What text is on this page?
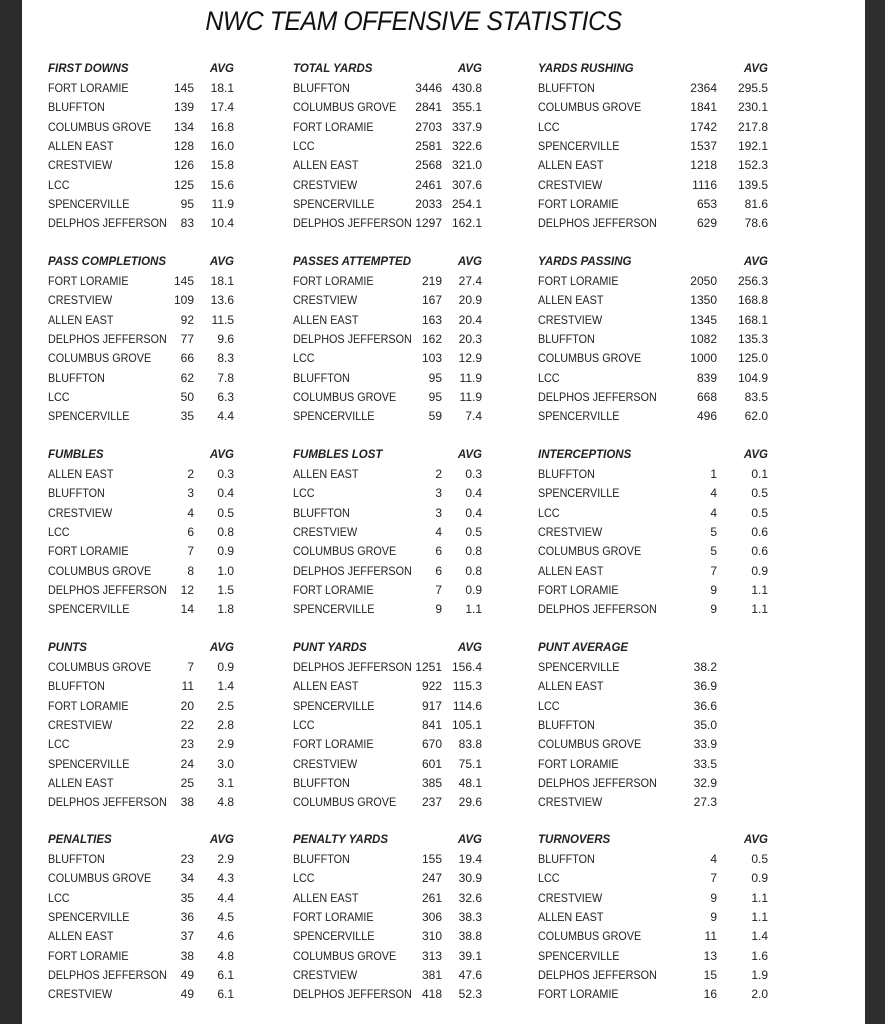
NWC TEAM OFFENSIVE STATISTICS
FIRST DOWNS	AVG
FORT LORAMIE	145	18.1
BLUFFTON	139	17.4
COLUMBUS GROVE	134	16.8
ALLEN EAST	128	16.0
CRESTVIEW	126	15.8
LCC	125	15.6
SPENCERVILLE	95	11.9
DELPHOS JEFFERSON	83	10.4
TOTAL YARDS	AVG
BLUFFTON	3446 430.8
COLUMBUS GROVE	2841 355.1
FORT LORAMIE	2703 337.9
LCC	2581 322.6
ALLEN EAST	2568 321.0
CRESTVIEW	2461 307.6
SPENCERVILLE	2033 254.1
DELPHOS JEFFERSON 1297 162.1
YARDS RUSHING	AVG
BLUFFTON	2364	295.5
COLUMBUS GROVE	1841	230.1
LCC	1742	217.8
SPENCERVILLE	1537	192.1
ALLEN EAST	1218	152.3
CRESTVIEW	1116	139.5
FORT LORAMIE	653	81.6
DELPHOS JEFFERSON	629	78.6
PASS COMPLETIONS	AVG
FORT LORAMIE	145	18.1
CRESTVIEW	109	13.6
ALLEN EAST	92	11.5
DELPHOS JEFFERSON	77	9.6
COLUMBUS GROVE	66	8.3
BLUFFTON	62	7.8
LCC	50	6.3
SPENCERVILLE	35	4.4
PASSES ATTEMPTED	AVG
FORT LORAMIE	219	27.4
CRESTVIEW	167	20.9
ALLEN EAST	163	20.4
DELPHOS JEFFERSON 162	20.3
LCC	103	12.9
BLUFFTON	95	11.9
COLUMBUS GROVE	95	11.9
SPENCERVILLE	59	7.4
YARDS PASSING	AVG
FORT LORAMIE	2050	256.3
ALLEN EAST	1350	168.8
CRESTVIEW	1345	168.1
BLUFFTON	1082	135.3
COLUMBUS GROVE	1000	125.0
LCC	839	104.9
DELPHOS JEFFERSON	668	83.5
SPENCERVILLE	496	62.0
FUMBLES	AVG
ALLEN EAST	2	0.3
BLUFFTON	3	0.4
CRESTVIEW	4	0.5
LCC	6	0.8
FORT LORAMIE	7	0.9
COLUMBUS GROVE	8	1.0
DELPHOS JEFFERSON	12	1.5
SPENCERVILLE	14	1.8
FUMBLES LOST	AVG
ALLEN EAST	2	0.3
LCC	3	0.4
BLUFFTON	3	0.4
CRESTVIEW	4	0.5
COLUMBUS GROVE	6	0.8
DELPHOS JEFFERSON	6	0.8
FORT LORAMIE	7	0.9
SPENCERVILLE	9	1.1
INTERCEPTIONS	AVG
BLUFFTON	1	0.1
SPENCERVILLE	4	0.5
LCC	4	0.5
CRESTVIEW	5	0.6
COLUMBUS GROVE	5	0.6
ALLEN EAST	7	0.9
FORT LORAMIE	9	1.1
DELPHOS JEFFERSON	9	1.1
PUNTS	AVG
COLUMBUS GROVE	7	0.9
BLUFFTON	11	1.4
FORT LORAMIE	20	2.5
CRESTVIEW	22	2.8
LCC	23	2.9
SPENCERVILLE	24	3.0
ALLEN EAST	25	3.1
DELPHOS JEFFERSON	38	4.8
PUNT YARDS	AVG
DELPHOS JEFFERSON 1251 156.4
ALLEN EAST	922 115.3
SPENCERVILLE	917 114.6
LCC	841 105.1
FORT LORAMIE	670	83.8
CRESTVIEW	601	75.1
BLUFFTON	385	48.1
COLUMBUS GROVE	237	29.6
PUNT AVERAGE
SPENCERVILLE	38.2
ALLEN EAST	36.9
LCC	36.6
BLUFFTON	35.0
COLUMBUS GROVE	33.9
FORT LORAMIE	33.5
DELPHOS JEFFERSON	32.9
CRESTVIEW	27.3
PENALTIES	AVG
BLUFFTON	23	2.9
COLUMBUS GROVE	34	4.3
LCC	35	4.4
SPENCERVILLE	36	4.5
ALLEN EAST	37	4.6
FORT LORAMIE	38	4.8
DELPHOS JEFFERSON	49	6.1
CRESTVIEW	49	6.1
PENALTY YARDS	AVG
BLUFFTON	155	19.4
LCC	247	30.9
ALLEN EAST	261	32.6
FORT LORAMIE	306	38.3
SPENCERVILLE	310	38.8
COLUMBUS GROVE	313	39.1
CRESTVIEW	381	47.6
DELPHOS JEFFERSON 418	52.3
TURNOVERS	AVG
BLUFFTON	4	0.5
LCC	7	0.9
CRESTVIEW	9	1.1
ALLEN EAST	9	1.1
COLUMBUS GROVE	11	1.4
SPENCERVILLE	13	1.6
DELPHOS JEFFERSON	15	1.9
FORT LORAMIE	16	2.0
